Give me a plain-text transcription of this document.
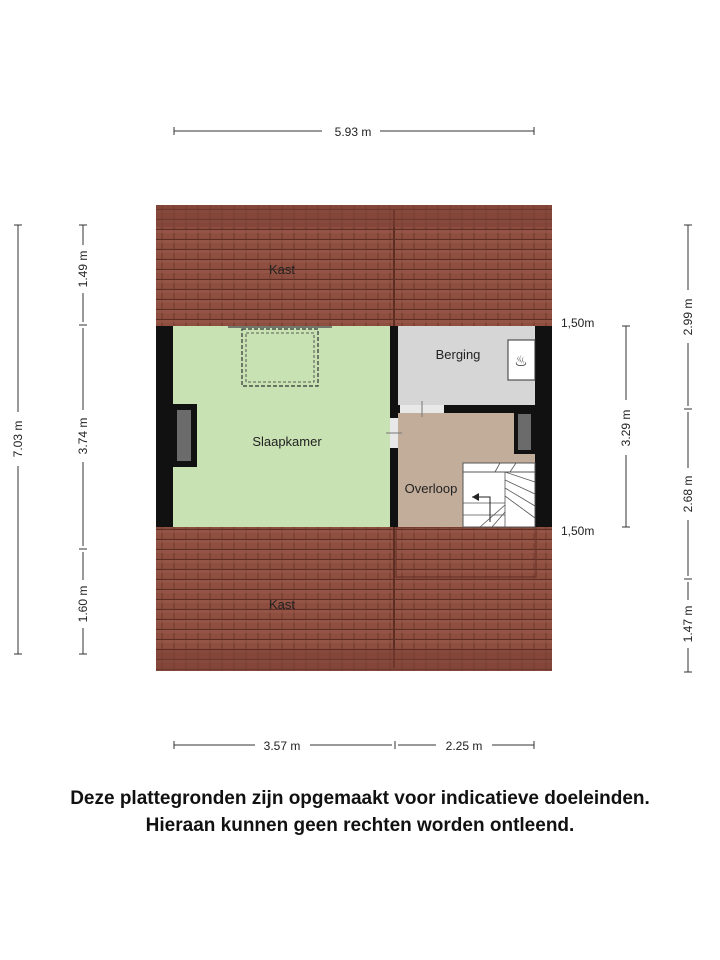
♨
Kast
Slaapkamer
Berging
Overloop
Kast
5.93 m
3.57 m	2.25 m
7.03 m
1.49 m
3.74 m
1.60 m
3.29 m
2.99 m
2.68 m
1.47 m
1,50m
1,50m
Deze plattegronden zijn opgemaakt voor indicatieve doeleinden.
Hieraan kunnen geen rechten worden ontleend.
